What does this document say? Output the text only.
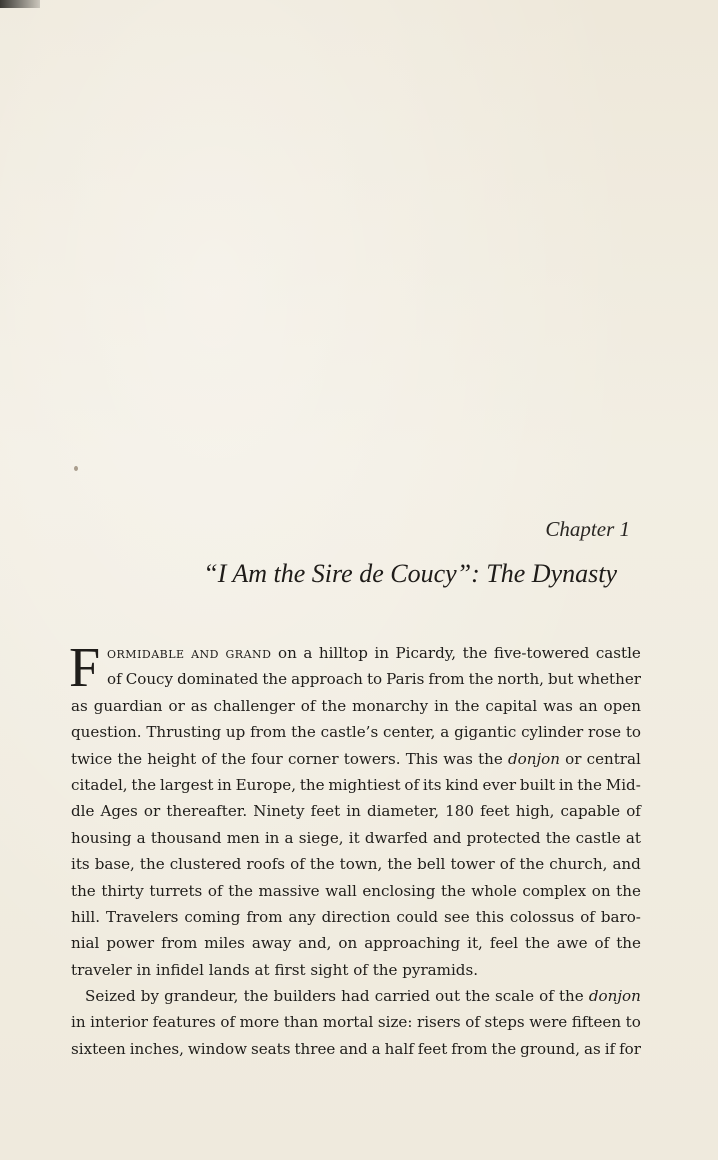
Chapter 1
“I Am the Sire de Coucy”: The Dynasty
F ormidable and grand on a hilltop in Picardy, the five-towered castle
of Coucy dominated the approach to Paris from the north, but whether
as guardian or as challenger of the monarchy in the capital was an open
question. Thrusting up from the castle’s center, a gigantic cylinder rose to
twice the height of the four corner towers. This was the donjon or central
citadel, the largest in Europe, the mightiest of its kind ever built in the Mid-
dle Ages or thereafter. Ninety feet in diameter, 180 feet high, capable of
housing a thousand men in a siege, it dwarfed and protected the castle at
its base, the clustered roofs of the town, the bell tower of the church, and
the thirty turrets of the massive wall enclosing the whole complex on the
hill. Travelers coming from any direction could see this colossus of baro-
nial power from miles away and, on approaching it, feel the awe of the
traveler in infidel lands at first sight of the pyramids.
Seized by grandeur, the builders had carried out the scale of the donjon
in interior features of more than mortal size: risers of steps were fifteen to
sixteen inches, window seats three and a half feet from the ground, as if for
